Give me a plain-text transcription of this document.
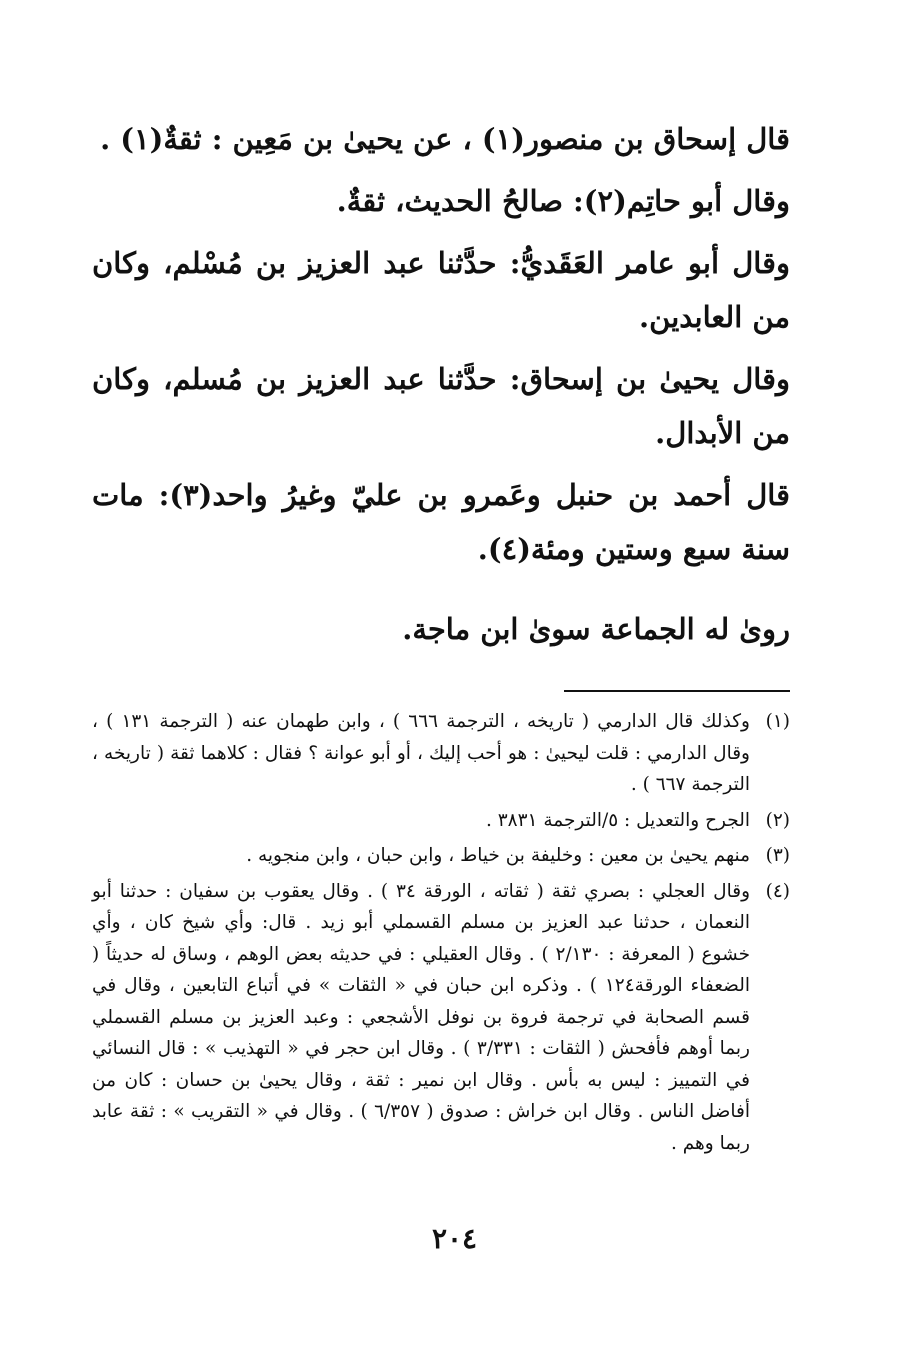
قال إسحاق بن منصور(١) ، عن يحيىٰ بن مَعِين : ثقةٌ(١) .

وقال أبو حاتِم(٢): صالحُ الحديث، ثقةٌ.

وقال أبو عامر العَقَديُّ: حدَّثنا عبد العزيز بن مُسْلم، وكان من العابدين.

وقال يحيىٰ بن إسحاق: حدَّثنا عبد العزيز بن مُسلم، وكان من الأبدال.

قال أحمد بن حنبل وعَمرو بن عليّ وغيرُ واحد(٣): مات سنة سبع وستين ومئة(٤).

روىٰ له الجماعة سوىٰ ابن ماجة.

(١)
وكذلك قال الدارمي ( تاريخه ، الترجمة ٦٦٦ ) ، وابن طهمان عنه ( الترجمة ١٣١ ) ، وقال الدارمي : قلت ليحيىٰ : هو أحب إليك ، أو أبو عوانة ؟ فقال : كلاهما ثقة ( تاريخه ، الترجمة ٦٦٧ ) .
(٢)
الجرح والتعديل : ٥/الترجمة ٣٨٣١ .
(٣)
منهم يحيىٰ بن معين : وخليفة بن خياط ، وابن حبان ، وابن منجويه .
(٤)
وقال العجلي : بصري ثقة ( ثقاته ، الورقة ٣٤ ) . وقال يعقوب بن سفيان : حدثنا أبو النعمان ، حدثنا عبد العزيز بن مسلم القسملي أبو زيد . قال: وأي شيخ كان ، وأي خشوع ( المعرفة : ٢/١٣٠ ) . وقال العقيلي : في حديثه بعض الوهم ، وساق له حديثاً ( الضعفاء الورقة١٢٤ ) . وذكره ابن حبان في « الثقات » في أتباع التابعين ، وقال في قسم الصحابة في ترجمة فروة بن نوفل الأشجعي : وعبد العزيز بن مسلم القسملي ربما أوهم فأفحش ( الثقات : ٣/٣٣١ ) . وقال ابن حجر في « التهذيب » : قال النسائي في التمييز : ليس به بأس . وقال ابن نمير : ثقة ، وقال يحيىٰ بن حسان : كان من أفاضل الناس . وقال ابن خراش : صدوق ( ٦/٣٥٧ ) . وقال في « التقريب » : ثقة عابد ربما وهم .
٢٠٤
